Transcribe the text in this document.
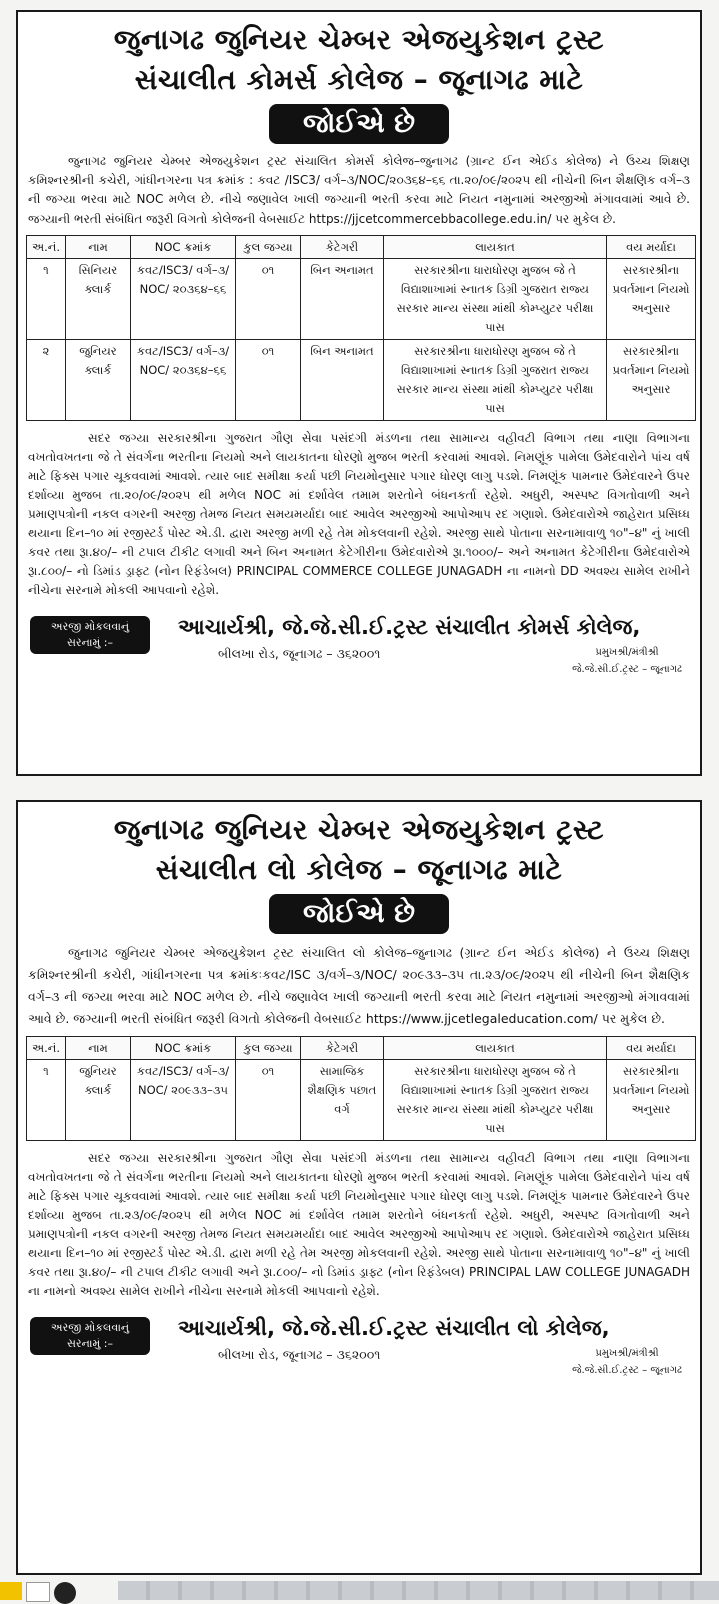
જુનાગઢ જુનિયર ચેમ્બર એજયુકેશન ટ્રસ્ટ
સંચાલીત કોમર્સ કોલેજ – જૂનાગઢ માટે
જોઈએ છે
જુનાગઢ જુનિયર ચેમ્બર એજયુકેશન ટ્રસ્ટ સંચાલિત કોમર્સ કોલેજ–જુનાગઢ (ગ્રાન્ટ ઈન એઈડ કોલેજ) ને ઉચ્ચ શિક્ષણ કમિશ્નરશ્રીની કચેરી, ગાંધીનગરના પત્ર ક્રમાંક : કવટ /ISC3/ વર્ગ–૩/NOC/૨૦૩૬૪–૬૬ તા.૨૦/૦૯/૨૦૨૫ થી નીચેની બિન શૈક્ષણિક વર્ગ–૩ ની જગ્યા ભરવા માટે NOC મળેલ છે. નીચે જણાવેલ ખાલી જગ્યાની ભરતી કરવા માટે નિયત નમુનામાં અરજીઓ મંગાવવામાં આવે છે. જગ્યાની ભરતી સંબંધિત જરૂરી વિગતો કોલેજની વેબસાઈટ https://jjcetcommercebbacollege.edu.in/ પર મુકેલ છે.
અ.નં.	નામ	NOC ક્રમાંક	કુલ જગ્યા	કેટેગરી	લાયકાત	વય મર્યાદા
૧	સિનિયર ક્લાર્ક	કવટ/ISC3/ વર્ગ–૩/ NOC/ ૨૦૩૬૪–૬૬	૦૧	બિન અનામત	સરકારશ્રીના ધારાધોરણ મુજબ જે તે વિદ્યાશાખામાં સ્નાતક ડિગ્રી ગુજરાત રાજ્ય સરકાર માન્ય સંસ્થા માંથી કોમ્પ્યુટર પરીક્ષા પાસ	સરકારશ્રીના પ્રવર્તમાન નિયમો અનુસાર
૨	જુનિયર ક્લાર્ક	કવટ/ISC3/ વર્ગ–૩/ NOC/ ૨૦૩૬૪–૬૬	૦૧	બિન અનામત	સરકારશ્રીના ધારાધોરણ મુજબ જે તે વિદ્યાશાખામાં સ્નાતક ડિગ્રી ગુજરાત રાજ્ય સરકાર માન્ય સંસ્થા માંથી કોમ્પ્યુટર પરીક્ષા પાસ	સરકારશ્રીના પ્રવર્તમાન નિયમો અનુસાર
સદર જગ્યા સરકારશ્રીના ગુજરાત ગૌણ સેવા પસંદગી મંડળના તથા સામાન્ય વહીવટી વિભાગ તથા નાણા વિભાગના વખતોવખતના જે તે સંવર્ગના ભરતીના નિયમો અને લાયકાતના ધોરણો મુજબ ભરતી કરવામાં આવશે. નિમણૂંક પામેલા ઉમેદવારોને પાંચ વર્ષ માટે ફિક્સ પગાર ચૂકવવામાં આવશે. ત્યાર બાદ સમીક્ષા કર્યા પછી નિયમોનુસાર પગાર ધોરણ લાગુ પડશે. નિમણૂંક પામનાર ઉમેદવારને ઉપર દર્શાવ્યા મુજબ તા.૨૦/૦૯/૨૦૨૫ થી મળેલ NOC માં દર્શાવેલ તમામ શરતોને બંધનકર્તા રહેશે. અધુરી, અસ્પષ્ટ વિગતોવાળી અને પ્રમાણપત્રોની નકલ વગરની અરજી તેમજ નિયત સમયમર્યાદા બાદ આવેલ અરજીઓ આપોઆપ રદ ગણાશે. ઉમેદવારોએ જાહેરાત પ્રસિધ્ધ થયાના દિન–૧૦ માં રજીસ્ટર્ડ પોસ્ટ એ.ડી. દ્વારા અરજી મળી રહે તેમ મોકલવાની રહેશે. અરજી સાથે પોતાના સરનામાવાળુ ૧૦"–૪" નું ખાલી કવર તથા રૂા.૪૦/– ની ટપાલ ટીકીટ લગાવી અને બિન અનામત કેટેગીરીના ઉમેદવારોએ રૂા.૧૦૦૦/– અને અનામત કેટેગીરીના ઉમેદવારોએ રૂા.૮૦૦/– નો ડિમાંડ ડ્રાફ્ટ (નોન રિફંડેબલ) PRINCIPAL COMMERCE COLLEGE JUNAGADH ના નામનો DD અવશ્ય સામેલ રાખીને નીચેના સરનામે મોકલી આપવાનો રહેશે.
અરજી મોકલવાનું સરનામું :–
આચાર્યશ્રી, જે.જે.સી.ઈ.ટ્રસ્ટ સંચાલીત કોમર્સ કોલેજ,
બીલખા રોડ, જૂનાગઢ – ૩૬૨૦૦૧	પ્રમુખશ્રી/મંત્રીશ્રી
જે.જે.સી.ઈ.ટ્રસ્ટ – જૂનાગઢ
જુનાગઢ જુનિયર ચેમ્બર એજયુકેશન ટ્રસ્ટ
સંચાલીત લો કોલેજ – જૂનાગઢ માટે
જોઈએ છે
જુનાગઢ જુનિયર ચેમ્બર એજયુકેશન ટ્રસ્ટ સંચાલિત લો કોલેજ–જુનાગઢ (ગ્રાન્ટ ઈન એઈડ કોલેજ) ને ઉચ્ચ શિક્ષણ કમિશ્નરશ્રીની કચેરી, ગાંધીનગરના પત્ર ક્રમાંકઃકવટ/ISC ૩/વર્ગ–૩/NOC/ ૨૦૯૩૩–૩૫ તા.૨૩/૦૯/૨૦૨૫ થી નીચેની બિન શૈક્ષણિક વર્ગ–૩ ની જગ્યા ભરવા માટે NOC મળેલ છે. નીચે જણાવેલ ખાલી જગ્યાની ભરતી કરવા માટે નિયત નમુનામાં અરજીઓ મંગાવવામાં આવે છે. જગ્યાની ભરતી સંબંધિત જરૂરી વિગતો કોલેજની વેબસાઈટ https://www.jjcetlegaleducation.com/ પર મુકેલ છે.
અ.નં.	નામ	NOC ક્રમાંક	કુલ જગ્યા	કેટેગરી	લાયકાત	વય મર્યાદા
૧	જુનિયર ક્લાર્ક	કવટ/ISC3/ વર્ગ–૩/ NOC/ ૨૦૯૩૩–૩૫	૦૧	સામાજિક શૈક્ષણિક પછાત વર્ગ	સરકારશ્રીના ધારાધોરણ મુજબ જે તે વિદ્યાશાખામાં સ્નાતક ડિગ્રી ગુજરાત રાજ્ય સરકાર માન્ય સંસ્થા માંથી કોમ્પ્યુટર પરીક્ષા પાસ	સરકારશ્રીના પ્રવર્તમાન નિયમો અનુસાર
સદર જગ્યા સરકારશ્રીના ગુજરાત ગૌણ સેવા પસંદગી મંડળના તથા સામાન્ય વહીવટી વિભાગ તથા નાણા વિભાગના વખતોવખતના જે તે સંવર્ગના ભરતીના નિયમો અને લાયકાતના ધોરણો મુજબ ભરતી કરવામાં આવશે. નિમણૂંક પામેલા ઉમેદવારોને પાંચ વર્ષ માટે ફિક્સ પગાર ચૂકવવામાં આવશે. ત્યાર બાદ સમીક્ષા કર્યા પછી નિયમોનુસાર પગાર ધોરણ લાગુ પડશે. નિમણૂંક પામનાર ઉમેદવારને ઉપર દર્શાવ્યા મુજબ તા.૨૩/૦૯/૨૦૨૫ થી મળેલ NOC માં દર્શાવેલ તમામ શરતોને બંધનકર્તા રહેશે. અધુરી, અસ્પષ્ટ વિગતોવાળી અને પ્રમાણપત્રોની નકલ વગરની અરજી તેમજ નિયત સમયમર્યાદા બાદ આવેલ અરજીઓ આપોઆપ રદ ગણાશે. ઉમેદવારોએ જાહેરાત પ્રસિધ્ધ થયાના દિન–૧૦ માં રજીસ્ટર્ડ પોસ્ટ એ.ડી. દ્વારા મળી રહે તેમ અરજી મોકલવાની રહેશે. અરજી સાથે પોતાના સરનામાવાળુ ૧૦"–૪" નું ખાલી કવર તથા રૂા.૪૦/– ની ટપાલ ટીકીટ લગાવી અને રૂા.૮૦૦/– નો ડિમાંડ ડ્રાફ્ટ (નોન રિફંડેબલ) PRINCIPAL LAW COLLEGE JUNAGADH ના નામનો અવશ્ય સામેલ રાખીને નીચેના સરનામે મોકલી આપવાનો રહેશે.
અરજી મોકલવાનું સરનામું :–
આચાર્યશ્રી, જે.જે.સી.ઈ.ટ્રસ્ટ સંચાલીત લો કોલેજ,
બીલખા રોડ, જૂનાગઢ – ૩૬૨૦૦૧	પ્રમુખશ્રી/મંત્રીશ્રી
જે.જે.સી.ઈ.ટ્રસ્ટ – જૂનાગઢ
